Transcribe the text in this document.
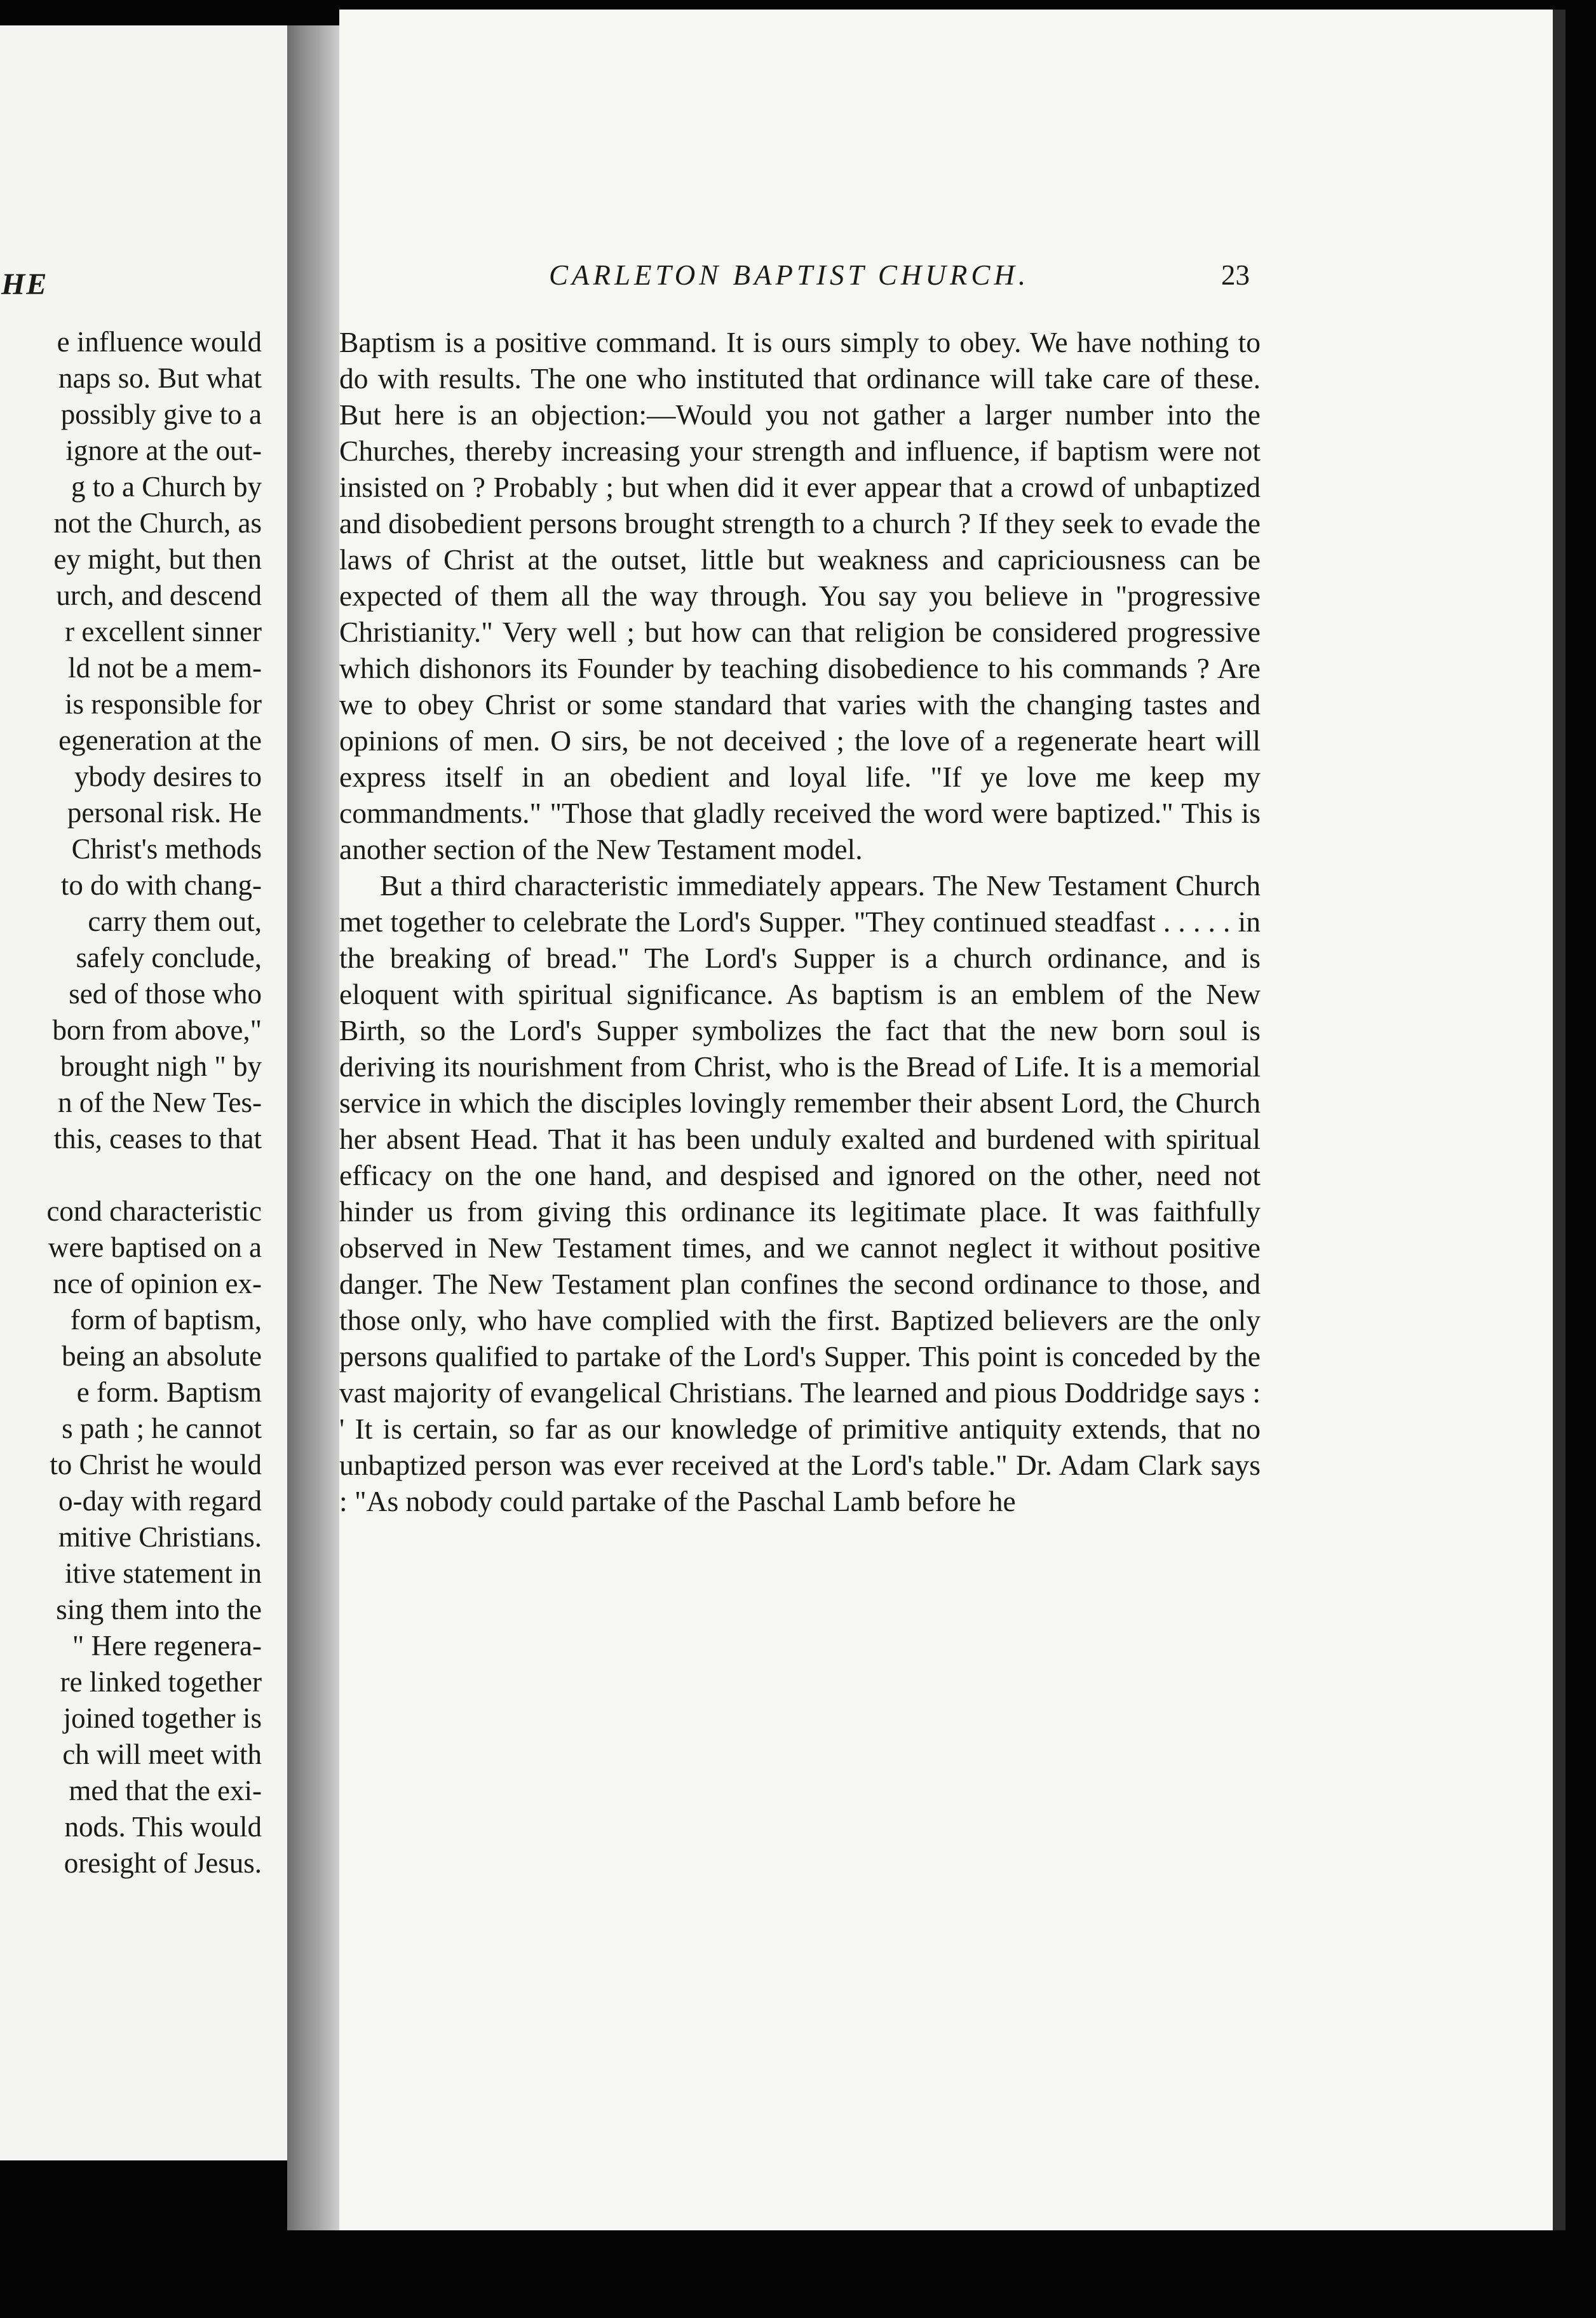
HE
e influence would
naps so. But what
possibly give to a
ignore at the out-
g to a Church by
not the Church, as
ey might, but then
urch, and descend
r excellent sinner
ld not be a mem-
is responsible for
egeneration at the
ybody desires to
personal risk. He
Christ's methods
to do with chang-
carry them out,
safely conclude,
sed of those who
born from above,"
brought nigh " by
n of the New Tes-
this, ceases to that
cond characteristic
were baptised on a
nce of opinion ex-
form of baptism,
being an absolute
e form. Baptism
s path ; he cannot
to Christ he would
o-day with regard
mitive Christians.
itive statement in
sing them into the
" Here regenera-
re linked together
joined together is
ch will meet with
med that the exi-
nods. This would
oresight of Jesus.
CARLETON BAPTIST CHURCH.	23

Baptism is a positive command. It is ours simply to obey. We have nothing to do with results. The one who instituted that ordinance will take care of these. But here is an objection:—Would you not gather a larger number into the Churches, thereby increasing your strength and influence, if baptism were not insisted on ? Probably ; but when did it ever appear that a crowd of unbaptized and disobedient persons brought strength to a church ? If they seek to evade the laws of Christ at the outset, little but weakness and capriciousness can be expected of them all the way through. You say you believe in "progressive Christianity." Very well ; but how can that religion be considered progressive which dishonors its Founder by teaching disobedience to his commands ? Are we to obey Christ or some standard that varies with the changing tastes and opinions of men. O sirs, be not deceived ; the love of a regenerate heart will express itself in an obedient and loyal life. "If ye love me keep my commandments." "Those that gladly received the word were baptized." This is another section of the New Testament model.

But a third characteristic immediately appears. The New Testament Church met together to celebrate the Lord's Supper. "They continued steadfast . . . . . in the breaking of bread." The Lord's Supper is a church ordinance, and is eloquent with spiritual significance. As baptism is an emblem of the New Birth, so the Lord's Supper symbolizes the fact that the new born soul is deriving its nourishment from Christ, who is the Bread of Life. It is a memorial service in which the disciples lovingly remember their absent Lord, the Church her absent Head. That it has been unduly exalted and burdened with spiritual efficacy on the one hand, and despised and ignored on the other, need not hinder us from giving this ordinance its legitimate place. It was faithfully observed in New Testament times, and we cannot neglect it without positive danger. The New Testament plan confines the second ordinance to those, and those only, who have complied with the first. Baptized believers are the only persons qualified to partake of the Lord's Supper. This point is conceded by the vast majority of evangelical Christians. The learned and pious Doddridge says : ' It is certain, so far as our knowledge of primitive antiquity extends, that no unbaptized person was ever received at the Lord's table." Dr. Adam Clark says : "As nobody could partake of the Paschal Lamb before he
